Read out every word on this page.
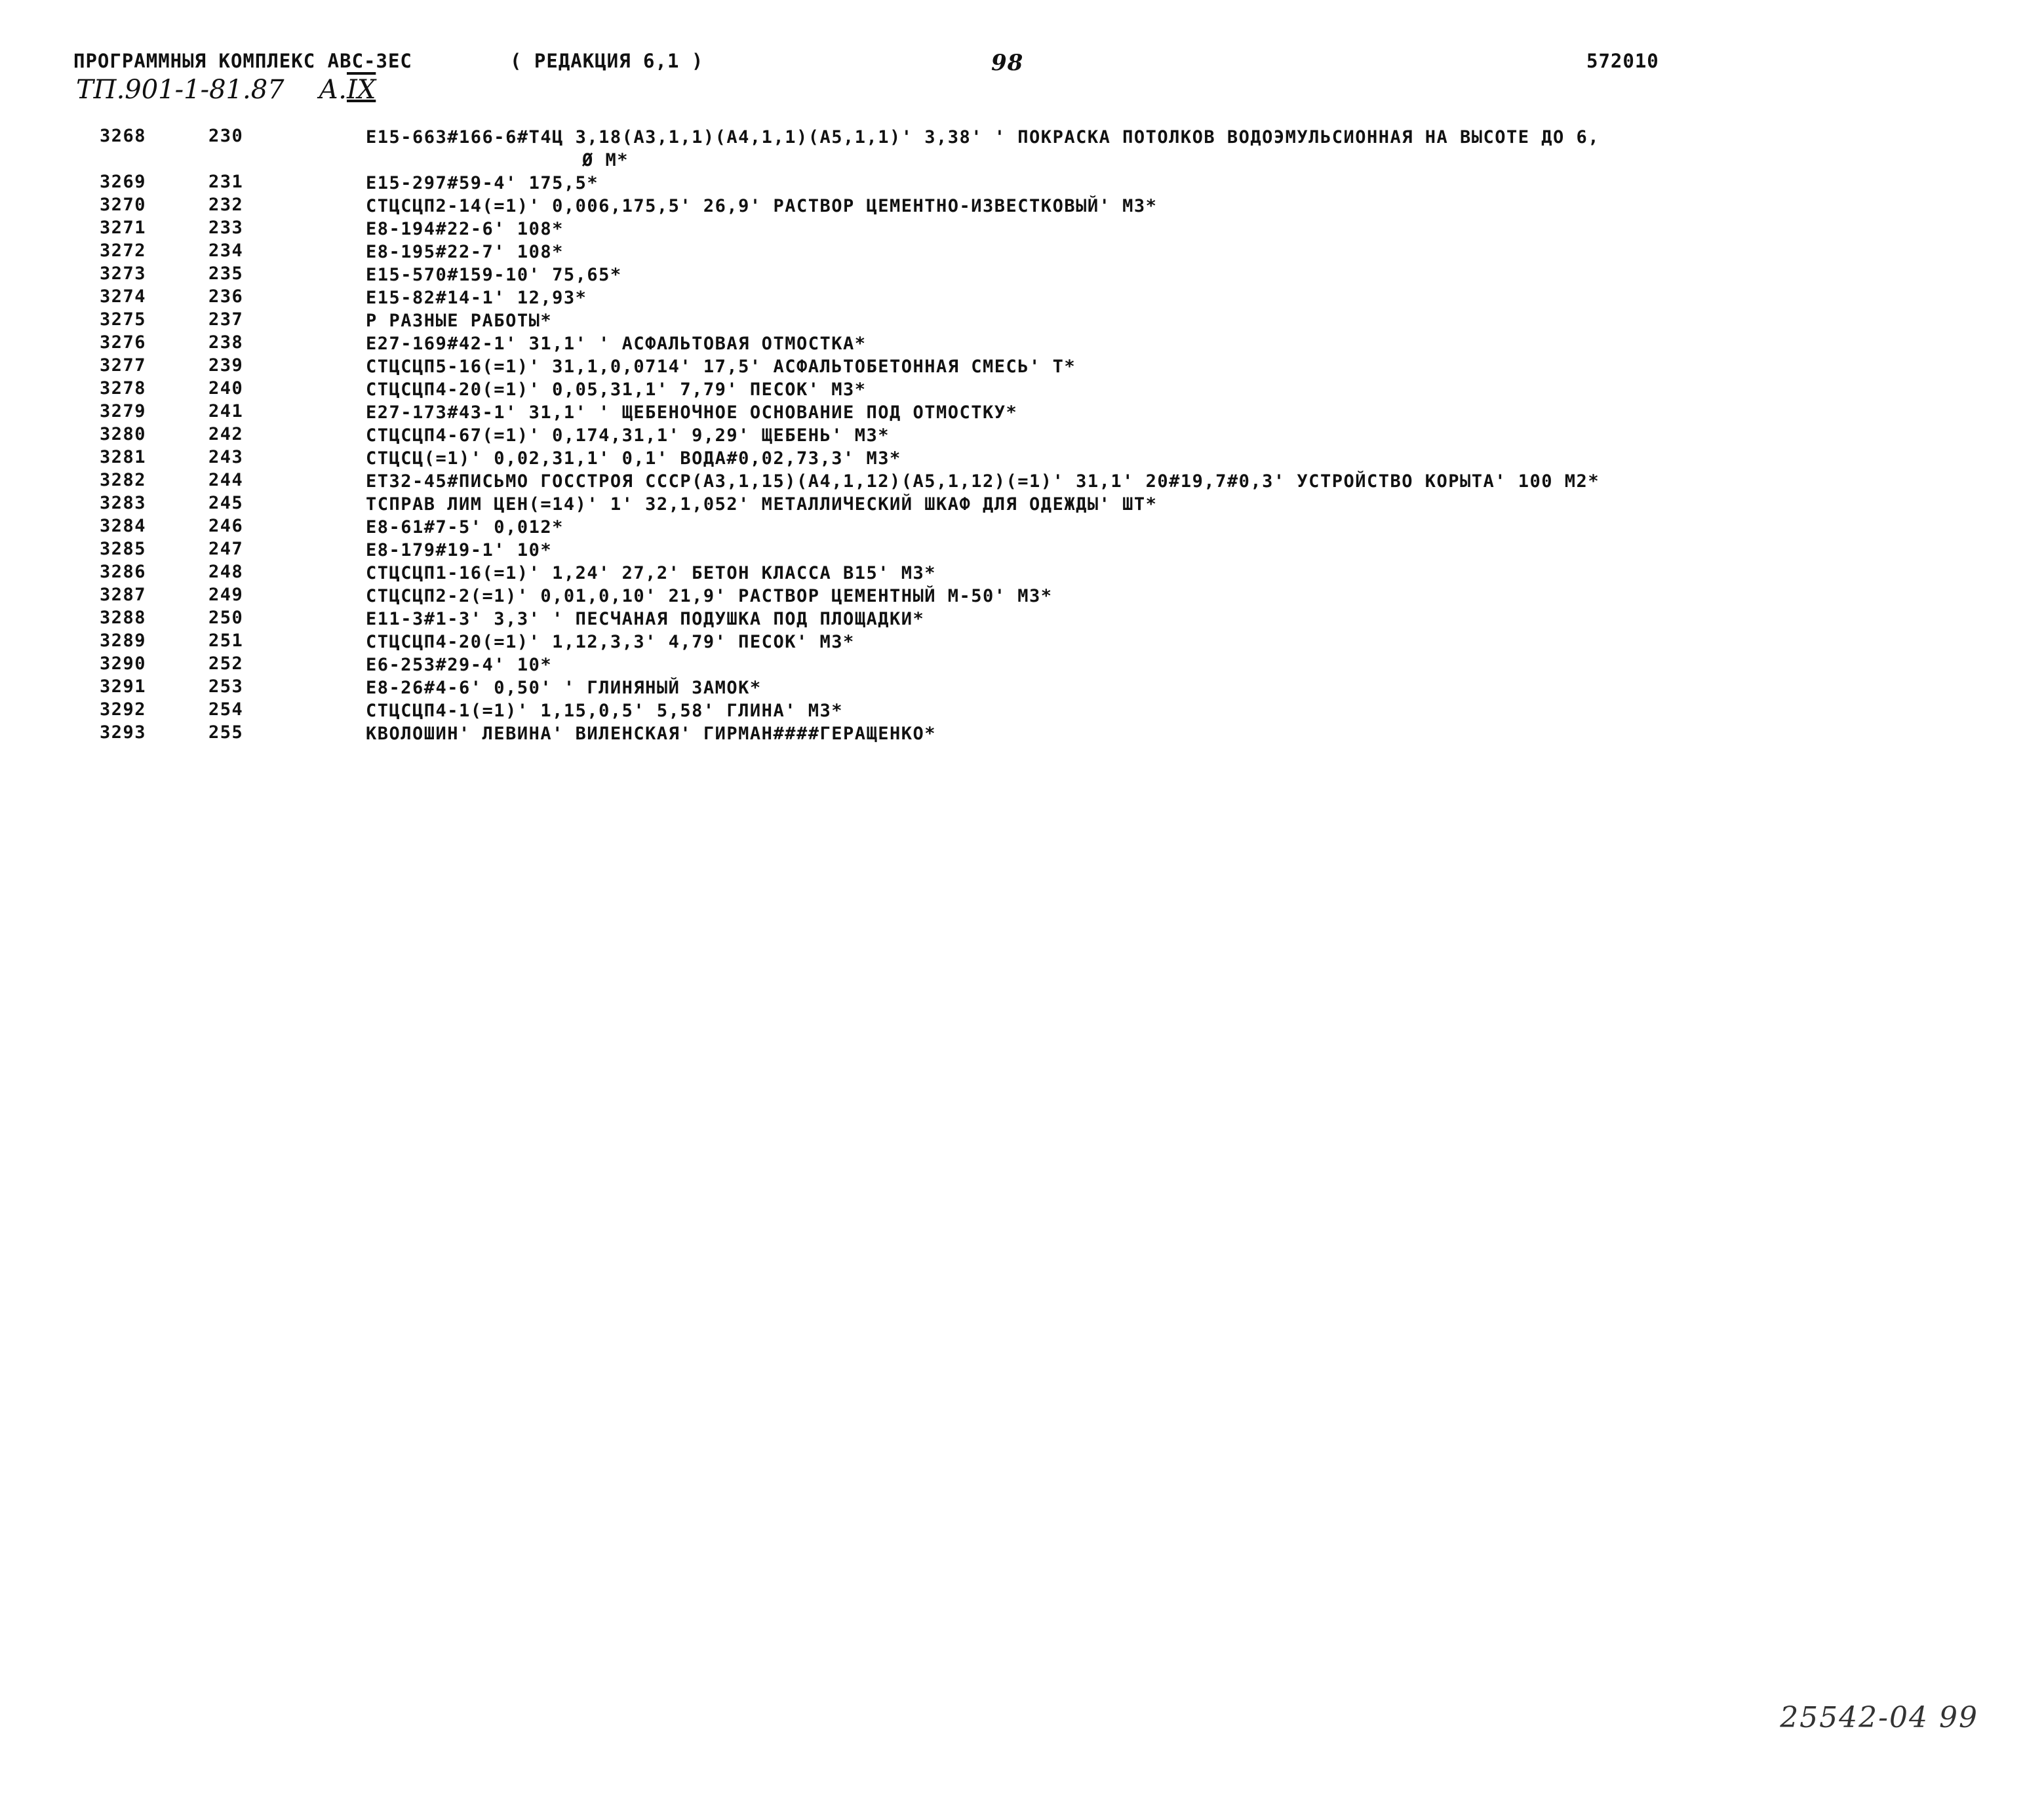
ПРОГРАММНЫЯ КОМПЛЕКС АВС-3ЕС	( РЕДАКЦИЯ 6,1 )	98	572010
ТП.901-1-81.87 А.IX
3268	230	Е15-663#166-6#Т4Ц 3,18(А3,1,1)(А4,1,1)(А5,1,1)' 3,38' ' ПОКРАСКА ПОТОЛКОВ ВОДОЭМУЛЬСИОННАЯ НА ВЫСОТЕ ДО 6,
Ø М*
3269	231	Е15-297#59-4' 175,5*
3270	232	СТЦСЦП2-14(=1)' 0,006,175,5' 26,9' РАСТВОР ЦЕМЕНТНО-ИЗВЕСТКОВЫЙ' М3*
3271	233	Е8-194#22-6' 108*
3272	234	Е8-195#22-7' 108*
3273	235	Е15-570#159-10' 75,65*
3274	236	Е15-82#14-1' 12,93*
3275	237	Р РАЗНЫЕ РАБОТЫ*
3276	238	Е27-169#42-1' 31,1' ' АСФАЛЬТОВАЯ ОТМОСТКА*
3277	239	СТЦСЦП5-16(=1)' 31,1,0,0714' 17,5' АСФАЛЬТОБЕТОННАЯ СМЕСЬ' Т*
3278	240	СТЦСЦП4-20(=1)' 0,05,31,1' 7,79' ПЕСОК' М3*
3279	241	Е27-173#43-1' 31,1' ' ЩЕБЕНОЧНОЕ ОСНОВАНИЕ ПОД ОТМОСТКУ*
3280	242	СТЦСЦП4-67(=1)' 0,174,31,1' 9,29' ЩЕБЕНЬ' М3*
3281	243	СТЦСЦ(=1)' 0,02,31,1' 0,1' ВОДА#0,02,73,3' М3*
3282	244	ЕТ32-45#ПИСЬМО ГОССТРОЯ СССР(А3,1,15)(А4,1,12)(А5,1,12)(=1)' 31,1' 20#19,7#0,3' УСТРОЙСТВО КОРЫТА' 100 М2*
3283	245	ТСПРАВ ЛИМ ЦЕН(=14)' 1' 32,1,052' МЕТАЛЛИЧЕСКИЙ ШКАФ ДЛЯ ОДЕЖДЫ' ШТ*
3284	246	Е8-61#7-5' 0,012*
3285	247	Е8-179#19-1' 10*
3286	248	СТЦСЦП1-16(=1)' 1,24' 27,2' БЕТОН КЛАССА В15' М3*
3287	249	СТЦСЦП2-2(=1)' 0,01,0,10' 21,9' РАСТВОР ЦЕМЕНТНЫЙ М-50' М3*
3288	250	Е11-3#1-3' 3,3' ' ПЕСЧАНАЯ ПОДУШКА ПОД ПЛОЩАДКИ*
3289	251	СТЦСЦП4-20(=1)' 1,12,3,3' 4,79' ПЕСОК' М3*
3290	252	Е6-253#29-4' 10*
3291	253	Е8-26#4-6' 0,50' ' ГЛИНЯНЫЙ ЗАМОК*
3292	254	СТЦСЦП4-1(=1)' 1,15,0,5' 5,58' ГЛИНА' М3*
3293	255	КВОЛОШИН' ЛЕВИНА' ВИЛЕНСКАЯ' ГИРМАН####ГЕРАЩЕНКО*
25542-04 99
